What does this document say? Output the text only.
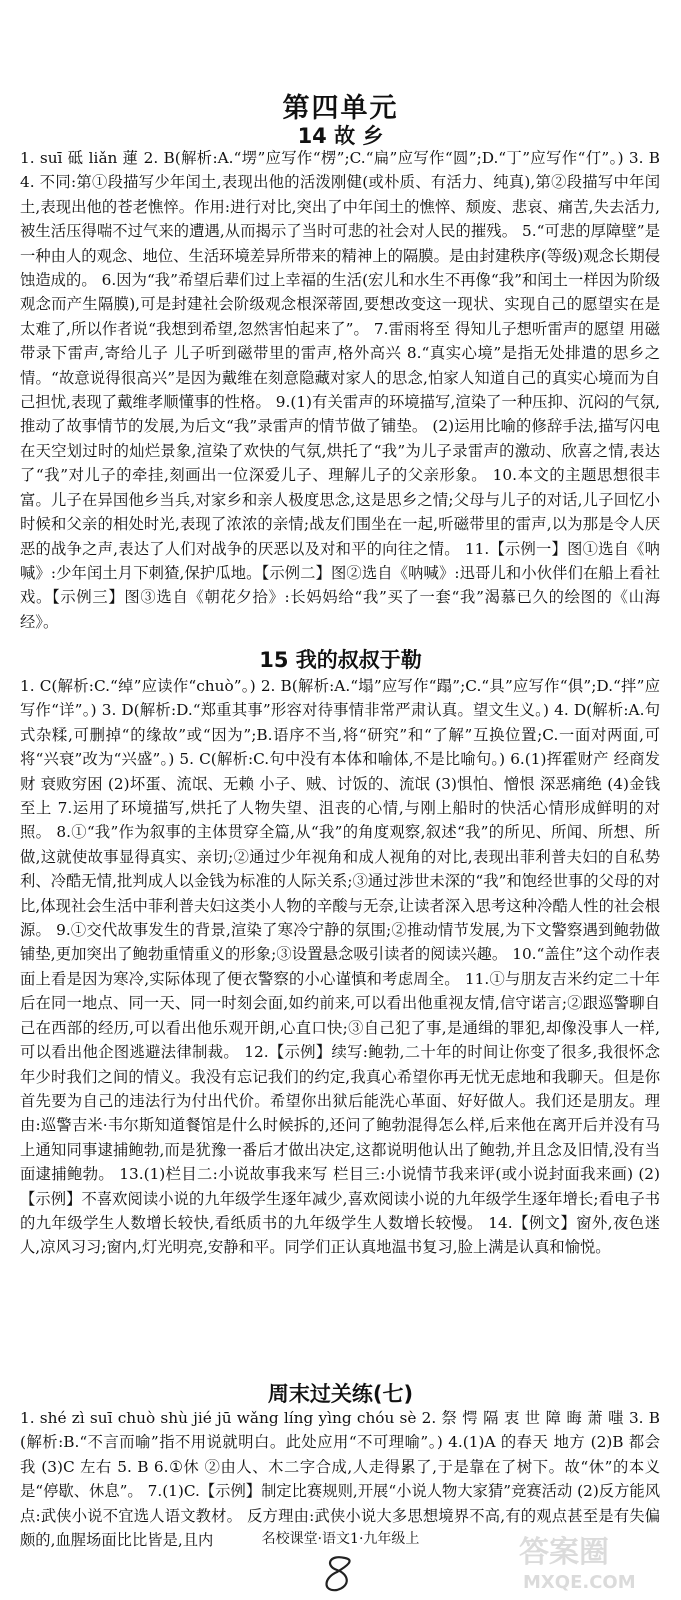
第四单元
14 故 乡

1. suī 砥 liǎn 蓮 2. B(解析:A.“塄”应写作“楞”;C.“扁”应写作“圆”;D.“丁”应写作“仃”。) 3. B 4. 不同:第①段描写少年闰土,表现出他的活泼刚健(或朴质、有活力、纯真),第②段描写中年闰土,表现出他的苍老憔悴。作用:进行对比,突出了中年闰土的憔悴、颓废、悲哀、痛苦,失去活力,被生活压得喘不过气来的遭遇,从而揭示了当时可悲的社会对人民的摧残。 5.“可悲的厚障壁”是一种由人的观念、地位、生活环境差异所带来的精神上的隔膜。是由封建秩序(等级)观念长期侵蚀造成的。 6.因为“我”希望后辈们过上幸福的生活(宏儿和水生不再像“我”和闰土一样因为阶级观念而产生隔膜),可是封建社会阶级观念根深蒂固,要想改变这一现状、实现自己的愿望实在是太难了,所以作者说“我想到希望,忽然害怕起来了”。 7.雷雨将至 得知儿子想听雷声的愿望 用磁带录下雷声,寄给儿子 儿子听到磁带里的雷声,格外高兴 8.“真实心境”是指无处排遣的思乡之情。“故意说得很高兴”是因为戴维在刻意隐藏对家人的思念,怕家人知道自己的真实心境而为自己担忧,表现了戴维孝顺懂事的性格。 9.(1)有关雷声的环境描写,渲染了一种压抑、沉闷的气氛,推动了故事情节的发展,为后文“我”录雷声的情节做了铺垫。 (2)运用比喻的修辞手法,描写闪电在天空划过时的灿烂景象,渲染了欢快的气氛,烘托了“我”为儿子录雷声的激动、欣喜之情,表达了“我”对儿子的牵挂,刻画出一位深爱儿子、理解儿子的父亲形象。 10.本文的主题思想很丰富。儿子在异国他乡当兵,对家乡和亲人极度思念,这是思乡之情;父母与儿子的对话,儿子回忆小时候和父亲的相处时光,表现了浓浓的亲情;战友们围坐在一起,听磁带里的雷声,以为那是令人厌恶的战争之声,表达了人们对战争的厌恶以及对和平的向往之情。 11.【示例一】图①选自《呐喊》:少年闰土月下刺猹,保护瓜地。【示例二】图②选自《呐喊》:迅哥儿和小伙伴们在船上看社戏。【示例三】图③选自《朝花夕拾》:长妈妈给“我”买了一套“我”渴慕已久的绘图的《山海经》。

15 我的叔叔于勒

1. C(解析:C.“绰”应读作“chuò”。) 2. B(解析:A.“塌”应写作“蹋”;C.“具”应写作“俱”;D.“拌”应写作“详”。) 3. D(解析:D.“郑重其事”形容对待事情非常严肃认真。望文生义。) 4. D(解析:A.句式杂糅,可删掉“的缘故”或“因为”;B.语序不当,将“研究”和“了解”互换位置;C.一面对两面,可将“兴衰”改为“兴盛”。) 5. C(解析:C.句中没有本体和喻体,不是比喻句。) 6.(1)挥霍财产 经商发财 衰败穷困 (2)坏蛋、流氓、无赖 小子、贼、讨饭的、流氓 (3)惧怕、憎恨 深恶痛绝 (4)金钱至上 7.运用了环境描写,烘托了人物失望、沮丧的心情,与刚上船时的快活心情形成鲜明的对照。 8.①“我”作为叙事的主体贯穿全篇,从“我”的角度观察,叙述“我”的所见、所闻、所想、所做,这就使故事显得真实、亲切;②通过少年视角和成人视角的对比,表现出菲利普夫妇的自私势利、冷酷无情,批判成人以金钱为标准的人际关系;③通过涉世未深的“我”和饱经世事的父母的对比,体现社会生活中菲利普夫妇这类小人物的辛酸与无奈,让读者深入思考这种冷酷人性的社会根源。 9.①交代故事发生的背景,渲染了寒冷宁静的氛围;②推动情节发展,为下文警察遇到鲍勃做铺垫,更加突出了鲍勃重情重义的形象;③设置悬念吸引读者的阅读兴趣。 10.“盖住”这个动作表面上看是因为寒冷,实际体现了便衣警察的小心谨慎和考虑周全。 11.①与朋友吉米约定二十年后在同一地点、同一天、同一时刻会面,如约前来,可以看出他重视友情,信守诺言;②跟巡警聊自己在西部的经历,可以看出他乐观开朗,心直口快;③自己犯了事,是通缉的罪犯,却像没事人一样,可以看出他企图逃避法律制裁。 12.【示例】续写:鲍勃,二十年的时间让你变了很多,我很怀念年少时我们之间的情义。我没有忘记我们的约定,我真心希望你再无忧无虑地和我聊天。但是你首先要为自己的违法行为付出代价。希望你出狱后能洗心革面、好好做人。我们还是朋友。理由:巡警吉米·韦尔斯知道餐馆是什么时候拆的,还问了鲍勃混得怎么样,后来他在离开后并没有马上通知同事逮捕鲍勃,而是犹豫一番后才做出决定,这都说明他认出了鲍勃,并且念及旧情,没有当面逮捕鲍勃。 13.(1)栏目二:小说故事我来写 栏目三:小说情节我来评(或小说封面我来画) (2)【示例】不喜欢阅读小说的九年级学生逐年减少,喜欢阅读小说的九年级学生逐年增长;看电子书的九年级学生人数增长较快,看纸质书的九年级学生人数增长较慢。 14.【例文】窗外,夜色迷人,凉风习习;窗内,灯光明亮,安静和平。同学们正认真地温书复习,脸上满是认真和愉悦。

周末过关练(七)

1. shé zì suī chuò shù jié jū wǎng líng yìng chóu sè 2. 祭 愕 隔 衷 世 障 晦 萧 嗤 3. B(解析:B.“不言而喻”指不用说就明白。此处应用“不可理喻”。) 4.(1)A 的春天 地方 (2)B 都会 我 (3)C 左右 5. B 6.①休 ②由人、木二字合成,人走得累了,于是靠在了树下。故“休”的本义是“停歇、休息”。 7.(1)C.【示例】制定比赛规则,开展“小说人物大家猜”竞赛活动 (2)反方能风点:武侠小说不宜选人语文教材。 反方理由:武侠小说大多思想境界不高,有的观点甚至是有失偏颇的,血腥场面比比皆是,且内	名校课堂·语文1·九年级上	答案圈
MXQE.COM
